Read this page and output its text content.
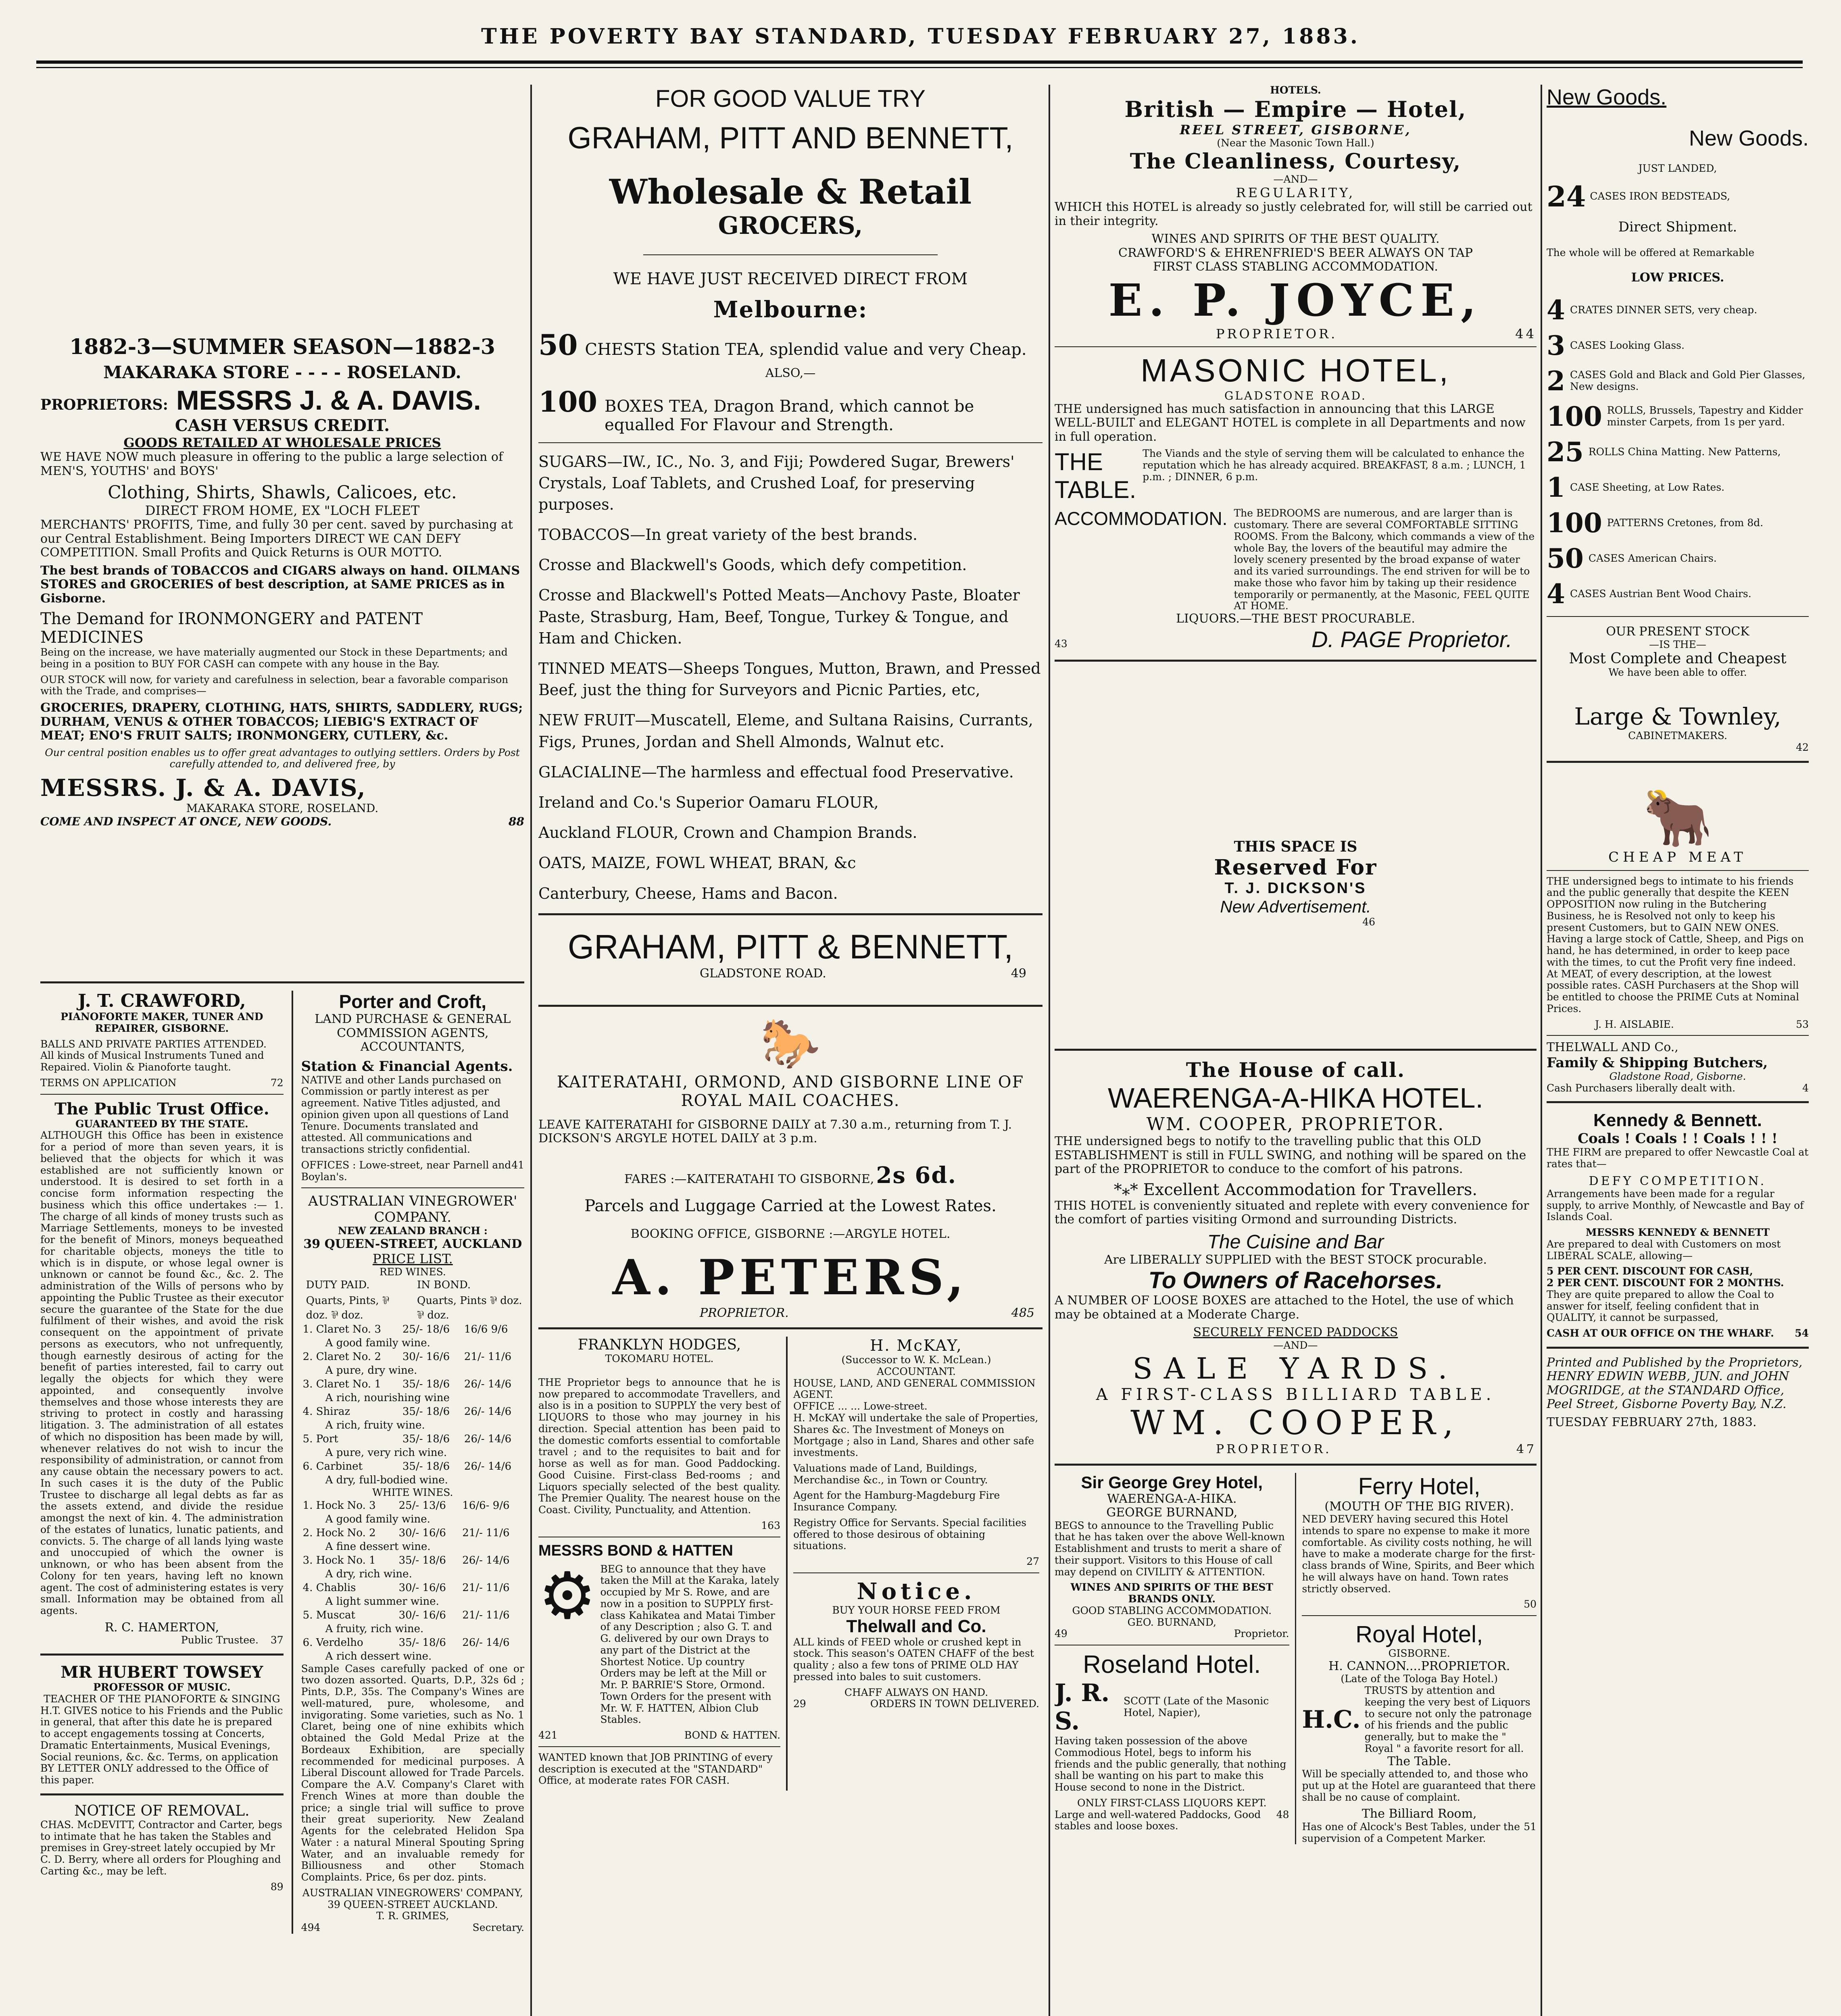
THE POVERTY BAY STANDARD, TUESDAY FEBRUARY 27, 1883.
1882-3—SUMMER SEASON—1882-3
MAKARAKA STORE - - - - ROSELAND.
PROPRIETORS: MESSRS J. & A. DAVIS.
CASH VERSUS CREDIT.
GOODS RETAILED AT WHOLESALE PRICES

WE HAVE NOW much pleasure in offering to the public a large selection of MEN'S, YOUTHS' and BOYS'

Clothing, Shirts, Shawls, Calicoes, etc.
DIRECT FROM HOME, EX "LOCH FLEET

MERCHANTS' PROFITS, Time, and fully 30 per cent. saved by purchasing at our Central Establishment. Being Importers DIRECT WE CAN DEFY COMPETITION. Small Profits and Quick Returns is OUR MOTTO.

The best brands of TOBACCOS and CIGARS always on hand. OILMANS STORES and GROCERIES of best description, at SAME PRICES as in Gisborne.

The Demand for IRONMONGERY and PATENT MEDICINES

Being on the increase, we have materially augmented our Stock in these Departments; and being in a position to BUY FOR CASH can compete with any house in the Bay.

OUR STOCK will now, for variety and carefulness in selection, bear a favorable comparison with the Trade, and comprises—

GROCERIES, DRAPERY, CLOTHING, HATS, SHIRTS, SADDLERY, RUGS; DURHAM, VENUS & OTHER TOBACCOS; LIEBIG'S EXTRACT OF MEAT; ENO'S FRUIT SALTS; IRONMONGERY, CUTLERY, &c.

Our central position enables us to offer great advantages to outlying settlers. Orders by Post carefully attended to, and delivered free, by

MESSRS. J. & A. DAVIS,
MAKARAKA STORE, ROSELAND.
COME AND INSPECT AT ONCE, NEW GOODS.	88
J. T. CRAWFORD,

PIANOFORTE MAKER, TUNER AND REPAIRER, GISBORNE.

BALLS AND PRIVATE PARTIES ATTENDED. All kinds of Musical Instruments Tuned and Repaired. Violin & Pianoforte taught.

TERMS ON APPLICATION	72
The Public Trust Office.
GUARANTEED BY THE STATE.

ALTHOUGH this Office has been in existence for a period of more than seven years, it is believed that the objects for which it was established are not sufficiently known or understood. It is desired to set forth in a concise form information respecting the business which this office undertakes :— 1. The charge of all kinds of money trusts such as Marriage Settlements, moneys to be invested for the benefit of Minors, moneys bequeathed for charitable objects, moneys the title to which is in dispute, or whose legal owner is unknown or cannot be found &c., &c. 2. The administration of the Wills of persons who by appointing the Public Trustee as their executor secure the guarantee of the State for the due fulfilment of their wishes, and avoid the risk consequent on the appointment of private persons as executors, who not unfrequently, though earnestly desirous of acting for the benefit of parties interested, fail to carry out legally the objects for which they were appointed, and consequently involve themselves and those whose interests they are striving to protect in costly and harassing litigation. 3. The administration of all estates of which no disposition has been made by will, whenever relatives do not wish to incur the responsibility of administration, or cannot from any cause obtain the necessary powers to act. In such cases it is the duty of the Public Trustee to discharge all legal debts as far as the assets extend, and divide the residue amongst the next of kin. 4. The administration of the estates of lunatics, lunatic patients, and convicts. 5. The charge of all lands lying waste and unoccupied of which the owner is unknown, or who has been absent from the Colony for ten years, having left no known agent. The cost of administering estates is very small. Information may be obtained from all agents.

R. C. HAMERTON,
Public Trustee. 37
MR HUBERT TOWSEY
PROFESSOR OF MUSIC.
TEACHER OF THE PIANOFORTE & SINGING

H.T. GIVES notice to his Friends and the Public in general, that after this date he is prepared to accept engagements tossing at Concerts, Dramatic Entertainments, Musical Evenings, Social reunions, &c. &c. Terms, on application BY LETTER ONLY addressed to the Office of this paper.

NOTICE OF REMOVAL.

CHAS. McDEVITT, Contractor and Carter, begs to intimate that he has taken the Stables and premises in Grey-street lately occupied by Mr C. D. Berry, where all orders for Ploughing and Carting &c., may be left.

89
Porter and Croft,

LAND PURCHASE & GENERAL COMMISSION AGENTS, ACCOUNTANTS,

Station & Financial Agents.

NATIVE and other Lands purchased on Commission or partly interest as per agreement. Native Titles adjusted, and opinion given upon all questions of Land Tenure. Documents translated and attested. All communications and transactions strictly confidential.

OFFICES : Lowe-street, near Parnell and Boylan's.
41
AUSTRALIAN VINEGROWER' COMPANY.
NEW ZEALAND BRANCH :
39 QUEEN-STREET, AUCKLAND
PRICE LIST.
RED WINES.
	DUTY PAID.	IN BOND.
	Quarts, Pints, ⅌ doz. ⅌ doz.	Quarts, Pints ⅌ doz. ⅌ doz.
1. Claret No. 3	25/- 18/6	16/6 9/6
A good family wine.		
2. Claret No. 2	30/- 16/6	21/- 11/6
A pure, dry wine.		
3. Claret No. 1	35/- 18/6	26/- 14/6
A rich, nourishing wine		
4. Shiraz	35/- 18/6	26/- 14/6
A rich, fruity wine.		
5. Port	35/- 18/6	26/- 14/6
A pure, very rich wine.		
6. Carbinet	35/- 18/6	26/- 14/6
A dry, full-bodied wine.		
WHITE WINES.
1. Hock No. 3	25/- 13/6	16/6- 9/6
A good family wine.		
2. Hock No. 2	30/- 16/6	21/- 11/6
A fine dessert wine.		
3. Hock No. 1	35/- 18/6	26/- 14/6
A dry, rich wine.		
4. Chablis	30/- 16/6	21/- 11/6
A light summer wine.		
5. Muscat	30/- 16/6	21/- 11/6
A fruity, rich wine.		
6. Verdelho	35/- 18/6	26/- 14/6
A rich dessert wine.		

Sample Cases carefully packed of one or two dozen assorted. Quarts, D.P., 32s 6d ; Pints, D.P., 35s. The Company's Wines are well-matured, pure, wholesome, and invigorating. Some varieties, such as No. 1 Claret, being one of nine exhibits which obtained the Gold Medal Prize at the Bordeaux Exhibition, are specially recommended for medicinal purposes. A Liberal Discount allowed for Trade Parcels. Compare the A.V. Company's Claret with French Wines at more than double the price; a single trial will suffice to prove their great superiority. New Zealand Agents for the celebrated Helidon Spa Water : a natural Mineral Spouting Spring Water, and an invaluable remedy for Billiousness and other Stomach Complaints. Price, 6s per doz. pints.

AUSTRALIAN VINEGROWERS' COMPANY,
39 QUEEN-STREET AUCKLAND.
T. R. GRIMES,
494	Secretary.
FOR GOOD VALUE TRY
GRAHAM, PITT AND BENNETT,
Wholesale & Retail
GROCERS,
WE HAVE JUST RECEIVED DIRECT FROM
Melbourne:
50 CHESTS Station TEA, splendid value and very Cheap.
ALSO,—
100 BOXES TEA, Dragon Brand, which cannot be equalled For Flavour and Strength.

SUGARS—IW., IC., No. 3, and Fiji; Powdered Sugar, Brewers' Crystals, Loaf Tablets, and Crushed Loaf, for preserving purposes.

TOBACCOS—In great variety of the best brands.

Crosse and Blackwell's Goods, which defy competition.

Crosse and Blackwell's Potted Meats—Anchovy Paste, Bloater Paste, Strasburg, Ham, Beef, Tongue, Turkey & Tongue, and Ham and Chicken.

TINNED MEATS—Sheeps Tongues, Mutton, Brawn, and Pressed Beef, just the thing for Surveyors and Picnic Parties, etc,

NEW FRUIT—Muscatell, Eleme, and Sultana Raisins, Currants, Figs, Prunes, Jordan and Shell Almonds, Walnut etc.

GLACIALINE—The harmless and effectual food Preservative.

Ireland and Co.'s Superior Oamaru FLOUR,

Auckland FLOUR, Crown and Champion Brands.

OATS, MAIZE, FOWL WHEAT, BRAN, &c

Canterbury, Cheese, Hams and Bacon.

GRAHAM, PITT & BENNETT,
GLADSTONE ROAD.	49
🐎
KAITERATAHI, ORMOND, AND GISBORNE LINE OF ROYAL MAIL COACHES.

LEAVE KAITERATAHI for GISBORNE DAILY at 7.30 a.m., returning from T. J. DICKSON'S ARGYLE HOTEL DAILY at 3 p.m.

FARES :—KAITERATAHI TO GISBORNE, 2s 6d.
Parcels and Luggage Carried at the Lowest Rates.
BOOKING OFFICE, GISBORNE :—ARGYLE HOTEL.
A. PETERS,
PROPRIETOR.	485
FRANKLYN HODGES,
TOKOMARU HOTEL.

THE Proprietor begs to announce that he is now prepared to accommodate Travellers, and also is in a position to SUPPLY the very best of LIQUORS to those who may journey in his direction. Special attention has been paid to the domestic comforts essential to comfortable travel ; and to the requisites to bait and for horse as well as for man. Good Paddocking. Good Cuisine. First-class Bed-rooms ; and Liquors specially selected of the best quality. The Premier Quality. The nearest house on the Coast. Civility, Punctuality, and Attention.

163
MESSRS BOND & HATTEN
⚙ BEG to announce that they have taken the Mill at the Karaka, lately occupied by Mr S. Rowe, and are now in a position to SUPPLY first-class Kahikatea and Matai Timber of any Description ; also G. T. and G. delivered by our own Drays to any part of the District at the Shortest Notice. Up country Orders may be left at the Mill or Mr. P. BARRIE'S Store, Ormond. Town Orders for the present with Mr. W. F. HATTEN, Albion Club Stables.

421	BOND & HATTEN.

WANTED known that JOB PRINTING of every description is executed at the "STANDARD" Office, at moderate rates FOR CASH.

H. McKAY,
(Successor to W. K. McLean.)
ACCOUNTANT.
HOUSE, LAND, AND GENERAL COMMISSION AGENT.
OFFICE ... ... Lowe-street.

H. McKAY will undertake the sale of Properties, Shares &c. The Investment of Moneys on Mortgage ; also in Land, Shares and other safe investments.

Valuations made of Land, Buildings, Merchandise &c., in Town or Country.

Agent for the Hamburg-Magdeburg Fire Insurance Company.

Registry Office for Servants. Special facilities offered to those desirous of obtaining situations.

27
Notice.
BUY YOUR HORSE FEED FROM
Thelwall and Co.

ALL kinds of FEED whole or crushed kept in stock. This season's OATEN CHAFF of the best quality ; also a few tons of PRIME OLD HAY pressed into bales to suit customers.

CHAFF ALWAYS ON HAND.
29	ORDERS IN TOWN DELIVERED.
HOTELS.
British — Empire — Hotel,
REEL STREET, GISBORNE,
(Near the Masonic Town Hall.)
The Cleanliness, Courtesy,
—AND—
REGULARITY,

WHICH this HOTEL is already so justly celebrated for, will still be carried out in their integrity.

WINES AND SPIRITS OF THE BEST QUALITY.
CRAWFORD'S & EHRENFRIED'S BEER ALWAYS ON TAP
FIRST CLASS STABLING ACCOMMODATION.
E. P. JOYCE,
PROPRIETOR.	44
MASONIC HOTEL,
GLADSTONE ROAD.

THE undersigned has much satisfaction in announcing that this LARGE WELL-BUILT and ELEGANT HOTEL is complete in all Departments and now in full operation.

THE TABLE.
The Viands and the style of serving them will be calculated to enhance the reputation which he has already acquired. BREAKFAST, 8 a.m. ; LUNCH, 1 p.m. ; DINNER, 6 p.m.
ACCOMMODATION. The BEDROOMS are numerous, and are larger than is customary. There are several COMFORTABLE SITTING ROOMS. From the Balcony, which commands a view of the whole Bay, the lovers of the beautiful may admire the lovely scenery presented by the broad expanse of water and its varied surroundings. The end striven for will be to make those who favor him by taking up their residence temporarily or permanently, at the Masonic, FEEL QUITE AT HOME.
LIQUORS.—THE BEST PROCURABLE.
43	D. PAGE Proprietor.
THIS SPACE IS
Reserved For
T. J. DICKSON'S
New Advertisement.
46
The House of call.
WAERENGA-A-HIKA HOTEL.
WM. COOPER, PROPRIETOR.

THE undersigned begs to notify to the travelling public that this OLD ESTABLISHMENT is still in FULL SWING, and nothing will be spared on the part of the PROPRIETOR to conduce to the comfort of his patrons.

*⁎* Excellent Accommodation for Travellers.

THIS HOTEL is conveniently situated and replete with every convenience for the comfort of parties visiting Ormond and surrounding Districts.

The Cuisine and Bar
Are LIBERALLY SUPPLIED with the BEST STOCK procurable.
To Owners of Racehorses.

A NUMBER OF LOOSE BOXES are attached to the Hotel, the use of which may be obtained at a Moderate Charge.

SECURELY FENCED PADDOCKS
—AND—
SALE YARDS.
A FIRST-CLASS BILLIARD TABLE.
WM. COOPER,
PROPRIETOR.	47
Sir George Grey Hotel,
WAERENGA-A-HIKA.
GEORGE BURNAND,

BEGS to announce to the Travelling Public that he has taken over the above Well-known Establishment and trusts to merit a share of their support. Visitors to this House of call may depend on CIVILITY & ATTENTION.

WINES AND SPIRITS OF THE BEST BRANDS ONLY.
GOOD STABLING ACCOMMODATION.
GEO. BURNAND,
49	Proprietor.
Roseland Hotel.
J. R. S.
SCOTT (Late of the Masonic Hotel, Napier),

Having taken possession of the above Commodious Hotel, begs to inform his friends and the public generally, that nothing shall be wanting on his part to make this House second to none in the District.

ONLY FIRST-CLASS LIQUORS KEPT.
Large and well-watered Paddocks, Good stables and loose boxes.
48
Ferry Hotel,
(MOUTH OF THE BIG RIVER).

NED DEVERY having secured this Hotel intends to spare no expense to make it more comfortable. As civility costs nothing, he will have to make a moderate charge for the first-class brands of Wine, Spirits, and Beer which he will always have on hand. Town rates strictly observed.

50
Royal Hotel,
GISBORNE.
H. CANNON....PROPRIETOR.
(Late of the Tologa Bay Hotel.)
H.C.
TRUSTS by attention and keeping the very best of Liquors to secure not only the patronage of his friends and the public generally, but to make the " Royal " a favorite resort for all.
The Table.

Will be specially attended to, and those who put up at the Hotel are guaranteed that there shall be no cause of complaint.

The Billiard Room,
Has one of Alcock's Best Tables, under the supervision of a Competent Marker.
51
New Goods.
New Goods.
JUST LANDED,
24 CASES IRON BEDSTEADS,
Direct Shipment.
The whole will be offered at Remarkable
LOW PRICES.
4 CRATES DINNER SETS, very cheap.
3 CASES Looking Glass.
2 CASES Gold and Black and Gold Pier Glasses, New designs.
100 ROLLS, Brussels, Tapestry and Kidder minster Carpets, from 1s per yard.
25 ROLLS China Matting. New Patterns,
1 CASE Sheeting, at Low Rates.
100 PATTERNS Cretones, from 8d.
50 CASES American Chairs.
4 CASES Austrian Bent Wood Chairs.
OUR PRESENT STOCK
—IS THE—
Most Complete and Cheapest
We have been able to offer.
Large & Townley,
CABINETMAKERS.
42
🐂
CHEAP MEAT

THE undersigned begs to intimate to his friends and the public generally that despite the KEEN OPPOSITION now ruling in the Butchering Business, he is Resolved not only to keep his present Customers, but to GAIN NEW ONES. Having a large stock of Cattle, Sheep, and Pigs on hand, he has determined, in order to keep pace with the times, to cut the Profit very fine indeed. At MEAT, of every description, at the lowest possible rates. CASH Purchasers at the Shop will be entitled to choose the PRIME Cuts at Nominal Prices.

J. H. AISLABIE.	53
THELWALL AND Co.,
Family & Shipping Butchers,
Gladstone Road, Gisborne.
Cash Purchasers liberally dealt with.	4
Kennedy & Bennett.
Coals ! Coals ! ! Coals ! ! !

THE FIRM are prepared to offer Newcastle Coal at rates that—

DEFY COMPETITION.

Arrangements have been made for a regular supply, to arrive Monthly, of Newcastle and Bay of Islands Coal.

MESSRS KENNEDY & BENNETT

Are prepared to deal with Customers on most LIBERAL SCALE, allowing—

5 PER CENT. DISCOUNT FOR CASH,
2 PER CENT. DISCOUNT FOR 2 MONTHS.

They are quite prepared to allow the Coal to answer for itself, feeling confident that in QUALITY, it cannot be surpassed,

CASH AT OUR OFFICE ON THE WHARF. 54

Printed and Published by the Proprietors, HENRY EDWIN WEBB, JUN. and JOHN MOGRIDGE, at the STANDARD Office, Peel Street, Gisborne Poverty Bay, N.Z.

TUESDAY FEBRUARY 27th, 1883.
